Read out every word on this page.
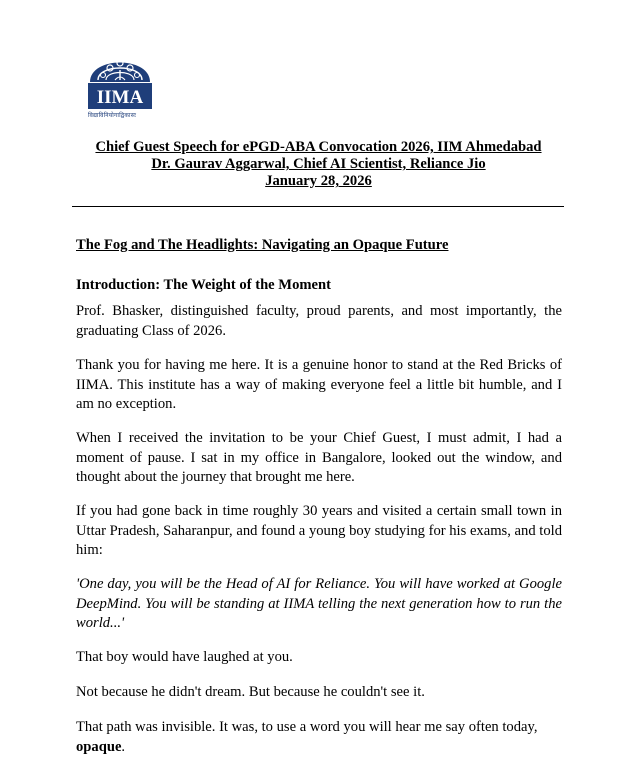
IIMA
विद्याविनियोगाद्विकासः
Chief Guest Speech for ePGD-ABA Convocation 2026, IIM Ahmedabad
Dr. Gaurav Aggarwal, Chief AI Scientist, Reliance Jio
January 28, 2026
The Fog and The Headlights: Navigating an Opaque Future
Introduction: The Weight of the Moment
Prof. Bhasker, distinguished faculty, proud parents, and most importantly, the graduating Class of 2026.
Thank you for having me here. It is a genuine honor to stand at the Red Bricks of IIMA. This institute has a way of making everyone feel a little bit humble, and I am no exception.
When I received the invitation to be your Chief Guest, I must admit, I had a moment of pause. I sat in my office in Bangalore, looked out the window, and thought about the journey that brought me here.
If you had gone back in time roughly 30 years and visited a certain small town in Uttar Pradesh, Saharanpur, and found a young boy studying for his exams, and told him:
'One day, you will be the Head of AI for Reliance. You will have worked at Google DeepMind. You will be standing at IIMA telling the next generation how to run the world...'
That boy would have laughed at you.
Not because he didn't dream. But because he couldn't see it.
That path was invisible. It was, to use a word you will hear me say often today,
opaque.
